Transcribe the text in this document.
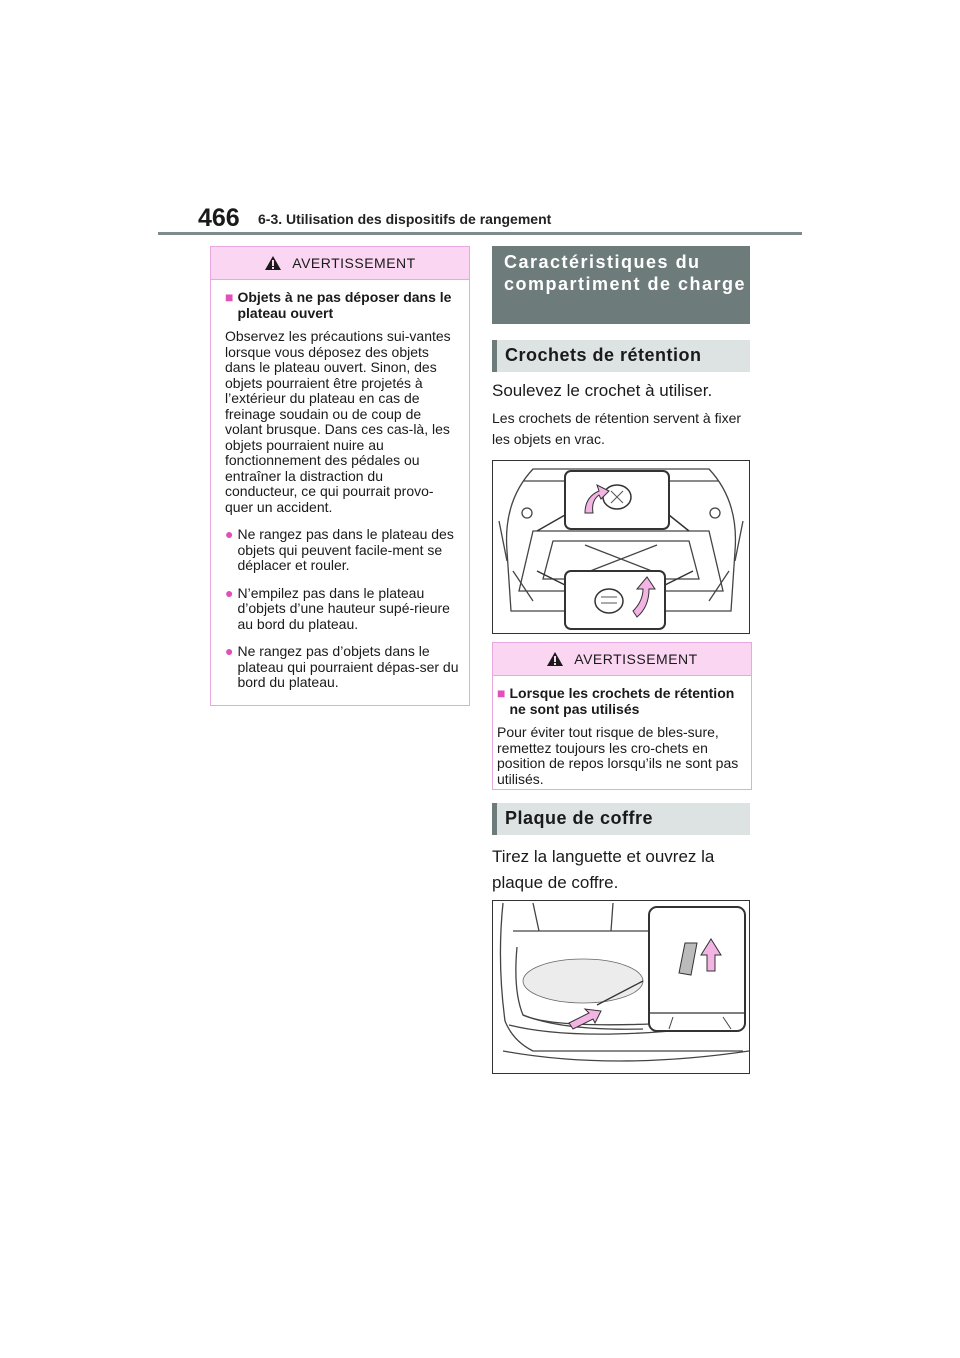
466 6-3. Utilisation des dispositifs de rangement
AVERTISSEMENT
■ Objets à ne pas déposer dans le plateau ouvert
Observez les précautions sui-vantes lorsque vous déposez des objets dans le plateau ouvert. Sinon, des objets pourraient être projetés à l’extérieur du plateau en cas de freinage soudain ou de coup de volant brusque. Dans ces cas-là, les objets pourraient nuire au fonctionnement des pédales ou entraîner la distraction du conducteur, ce qui pourrait provo-quer un accident.
● Ne rangez pas dans le plateau des objets qui peuvent facile-ment se déplacer et rouler.
● N’empilez pas dans le plateau d’objets d’une hauteur supé-rieure au bord du plateau.
● Ne rangez pas d’objets dans le plateau qui pourraient dépas-ser du bord du plateau.
Caractéristiques du compartiment de charge
Crochets de rétention
Soulevez le crochet à utiliser.
Les crochets de rétention servent à fixer les objets en vrac.
AVERTISSEMENT
■ Lorsque les crochets de rétention ne sont pas utilisés
Pour éviter tout risque de bles-sure, remettez toujours les cro-chets en position de repos lorsqu’ils ne sont pas utilisés.
Plaque de coffre
Tirez la languette et ouvrez la plaque de coffre.
